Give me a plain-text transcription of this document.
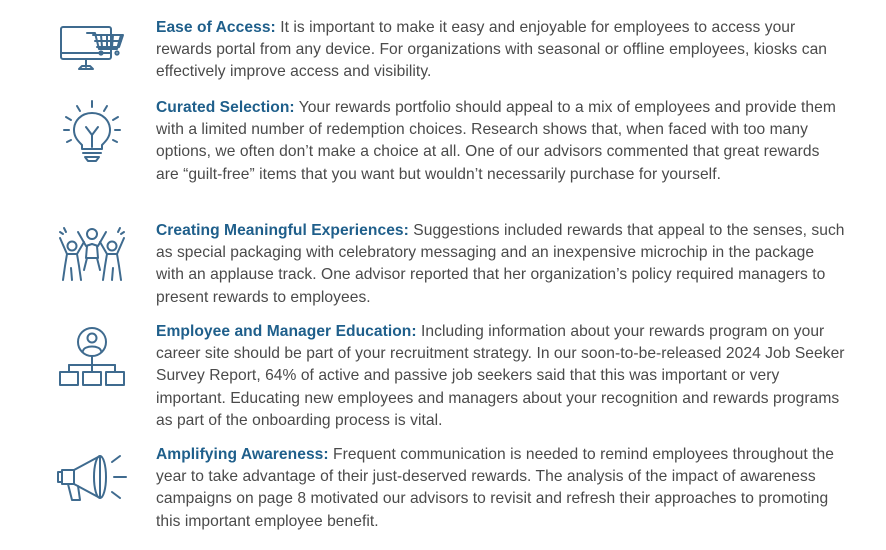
Ease of Access: It is important to make it easy and enjoyable for employees to access your rewards portal from any device. For organizations with seasonal or offline employees, kiosks can effectively improve access and visibility.
Curated Selection: Your rewards portfolio should appeal to a mix of employees and provide them with a limited number of redemption choices. Research shows that, when faced with too many options, we often don’t make a choice at all. One of our advisors commented that great rewards are “guilt-free” items that you want but wouldn’t necessarily purchase for yourself.
Creating Meaningful Experiences: Suggestions included rewards that appeal to the senses, such as special packaging with celebratory messaging and an inexpensive microchip in the package with an applause track. One advisor reported that her organization’s policy required managers to present rewards to employees.
Employee and Manager Education: Including information about your rewards program on your career site should be part of your recruitment strategy. In our soon-to-be-released 2024 Job Seeker Survey Report, 64% of active and passive job seekers said that this was important or very important. Educating new employees and managers about your recognition and rewards programs as part of the onboarding process is vital.
Amplifying Awareness: Frequent communication is needed to remind employees throughout the year to take advantage of their just-deserved rewards. The analysis of the impact of awareness campaigns on page 8 motivated our advisors to revisit and refresh their approaches to promoting this important employee benefit.
